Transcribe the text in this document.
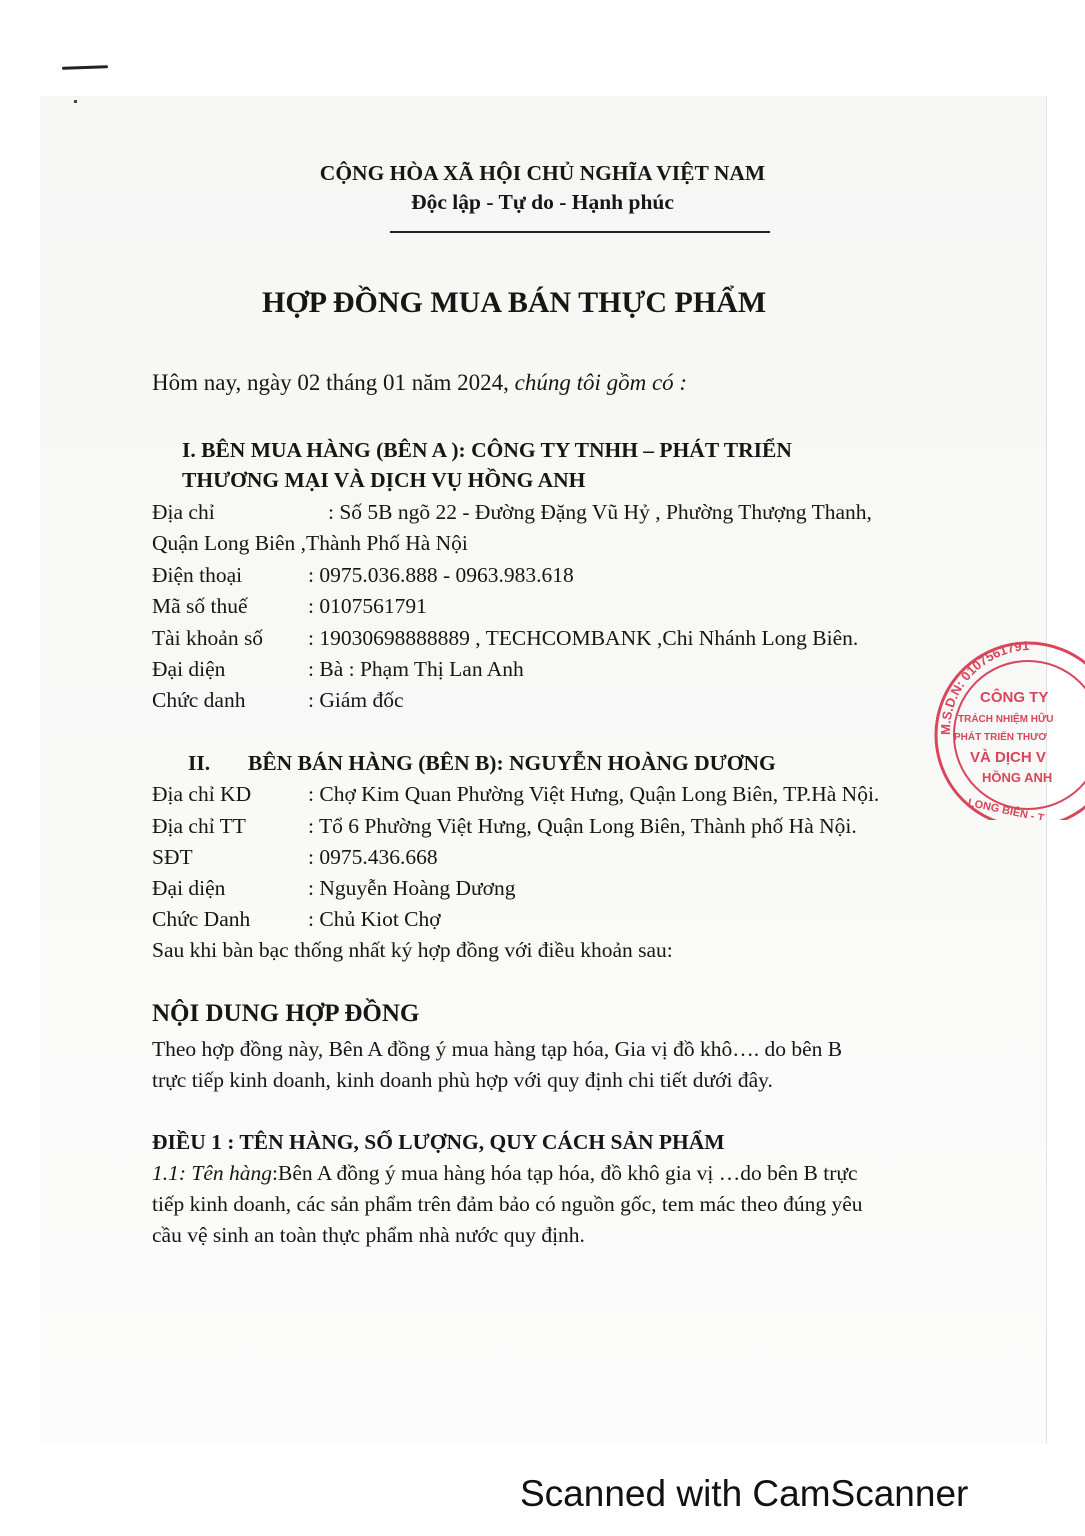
CỘNG HÒA XÃ HỘI CHỦ NGHĨA VIỆT NAM
Độc lập - Tự do - Hạnh phúc
HỢP ĐỒNG MUA BÁN THỰC PHẨM
Hôm nay, ngày 02 tháng 01 năm 2024, chúng tôi gồm có :
I. BÊN MUA HÀNG (BÊN A ): CÔNG TY TNHH – PHÁT TRIỂN
THƯƠNG MẠI VÀ DỊCH VỤ HỒNG ANH
Địa chỉ	: Số 5B ngõ 22 - Đường Đặng Vũ Hỷ , Phường Thượng Thanh,
Quận Long Biên ,Thành Phố Hà Nội
Điện thoại	: 0975.036.888 - 0963.983.618
Mã số thuế	: 0107561791
Tài khoản số : 19030698888889 , TECHCOMBANK ,Chi Nhánh Long Biên.
Đại diện	: Bà : Phạm Thị Lan Anh
Chức danh	: Giám đốc
II. BÊN BÁN HÀNG (BÊN B): NGUYỄN HOÀNG DƯƠNG
Địa chỉ KD	: Chợ Kim Quan Phường Việt Hưng, Quận Long Biên, TP.Hà Nội.
Địa chỉ TT	: Tổ 6 Phường Việt Hưng, Quận Long Biên, Thành phố Hà Nội.
SĐT	: 0975.436.668
Đại diện	: Nguyễn Hoàng Dương
Chức Danh	: Chủ Kiot Chợ
Sau khi bàn bạc thống nhất ký hợp đồng với điều khoản sau:
NỘI DUNG HỢP ĐỒNG
Theo hợp đồng này, Bên A đồng ý mua hàng tạp hóa, Gia vị đồ khô…. do bên B
trực tiếp kinh doanh, kinh doanh phù hợp với quy định chi tiết dưới đây.
ĐIỀU 1 : TÊN HÀNG, SỐ LƯỢNG, QUY CÁCH SẢN PHẨM
1.1: Tên hàng:Bên A đồng ý mua hàng hóa tạp hóa, đồ khô gia vị …do bên B trực
tiếp kinh doanh, các sản phẩm trên đảm bảo có nguồn gốc, tem mác theo đúng yêu
cầu vệ sinh an toàn thực phẩm nhà nước quy định.
M.S.D.N: 0107561791
CÔNG TY
TRÁCH NHIỆM HỮU
PHÁT TRIỂN THƯƠ
VÀ DỊCH V
HỒNG ANH
LONG BIÊN - T.
Scanned with CamScanner
